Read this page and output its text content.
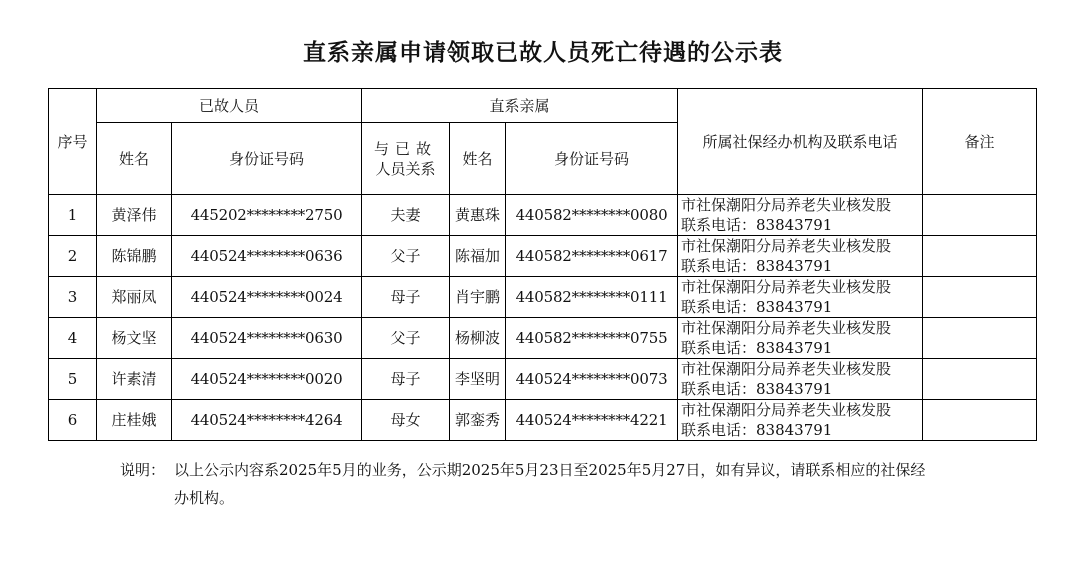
直系亲属申请领取已故人员死亡待遇的公示表
序号	已故人员		直系亲属			所属社保经办机构及联系电话	备注
	姓名	身份证号码	与已故
人员关系	姓名	身份证号码		
1	黄泽伟	445202********2750	夫妻	黄惠珠	440582********0080	市社保潮阳分局养老失业核发股
联系电话：83843791	

2	陈锦鹏	440524********0636	父子	陈福加	440582********0617	市社保潮阳分局养老失业核发股
联系电话：83843791	

3	郑丽凤	440524********0024	母子	肖宇鹏	440582********0111	市社保潮阳分局养老失业核发股
联系电话：83843791	

4	杨文坚	440524********0630	父子	杨柳波	440582********0755	市社保潮阳分局养老失业核发股
联系电话：83843791	

5	许素清	440524********0020	母子	李坚明	440524********0073	市社保潮阳分局养老失业核发股
联系电话：83843791	

6	庄桂娥	440524********4264	母女	郭銮秀	440524********4221	市社保潮阳分局养老失业核发股
联系电话：83843791	

说明： 以上公示内容系2025年5月的业务，公示期2025年5月23日至2025年5月27日，如有异议，请联系相应的社保经办机构。
